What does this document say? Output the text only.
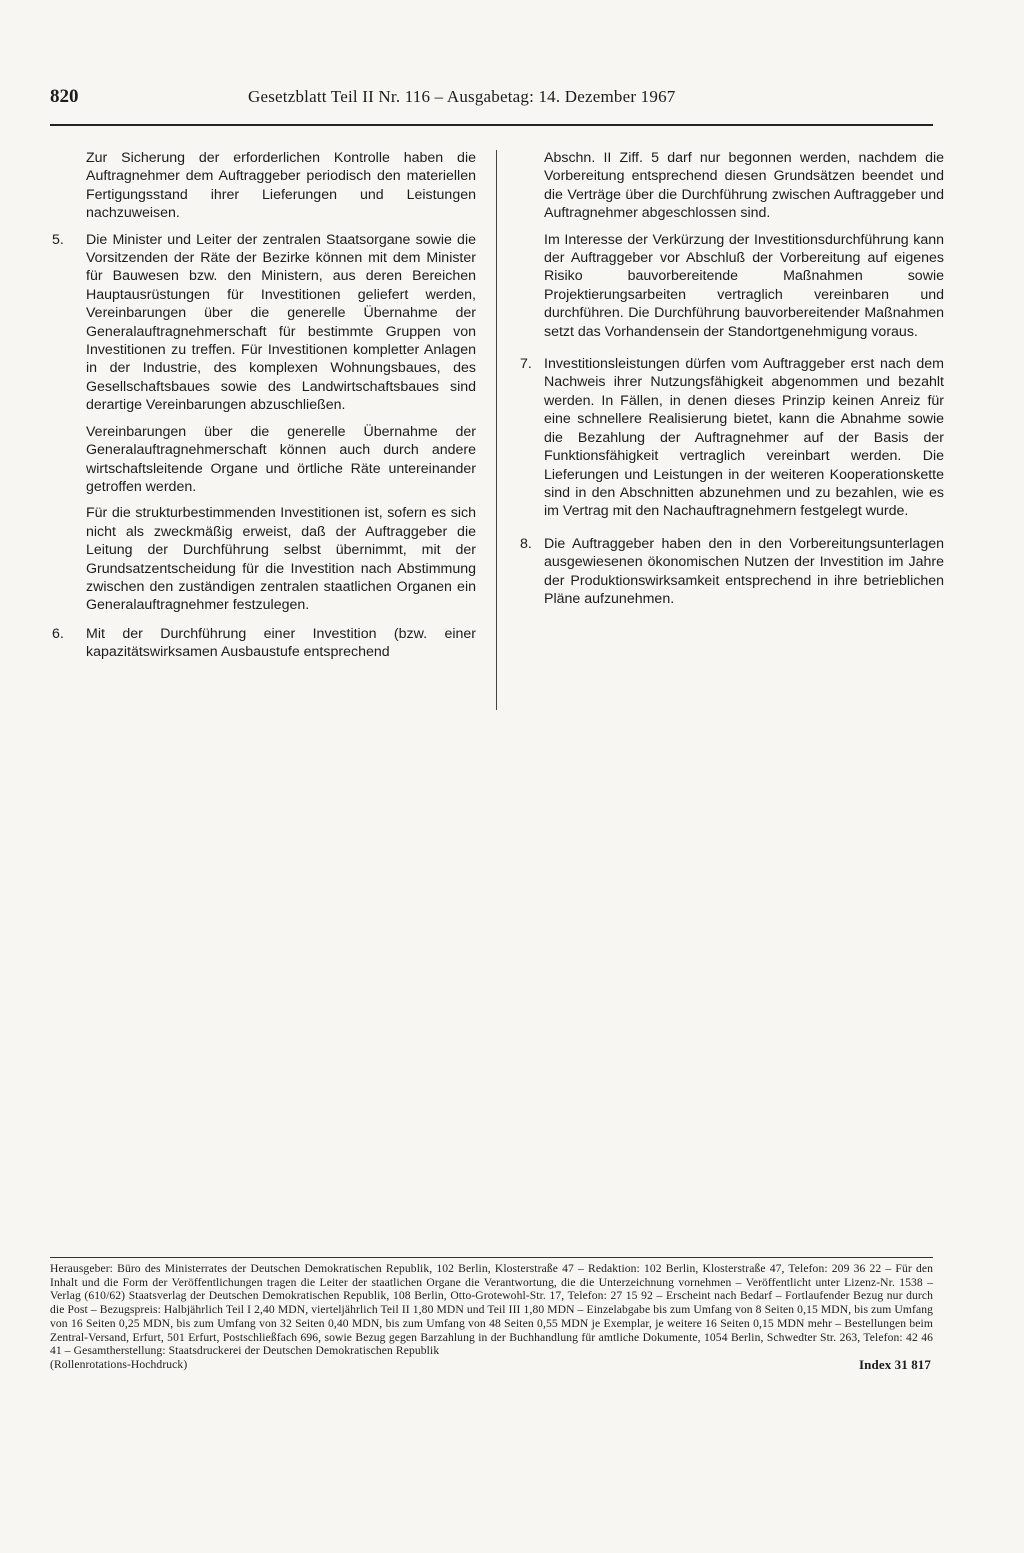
820	Gesetzblatt Teil II Nr. 116 – Ausgabetag: 14. Dezember 1967

Zur Sicherung der erforderlichen Kontrolle haben die Auftragnehmer dem Auftraggeber periodisch den materiellen Fertigungsstand ihrer Lieferungen und Leistungen nachzuweisen.

5. Die Minister und Leiter der zentralen Staatsorgane sowie die Vorsitzenden der Räte der Bezirke können mit dem Minister für Bauwesen bzw. den Ministern, aus deren Bereichen Hauptausrüstungen für Investitionen geliefert werden, Vereinbarungen über die generelle Übernahme der Generalauftragnehmerschaft für bestimmte Gruppen von Investitionen zu treffen. Für Investitionen kompletter Anlagen in der Industrie, des komplexen Wohnungsbaues, des Gesellschaftsbaues sowie des Landwirtschaftsbaues sind derartige Vereinbarungen abzuschließen.

Vereinbarungen über die generelle Übernahme der Generalauftragnehmerschaft können auch durch andere wirtschaftsleitende Organe und örtliche Räte untereinander getroffen werden.

Für die strukturbestimmenden Investitionen ist, sofern es sich nicht als zweckmäßig erweist, daß der Auftraggeber die Leitung der Durchführung selbst übernimmt, mit der Grundsatzentscheidung für die Investition nach Abstimmung zwischen den zuständigen zentralen staatlichen Organen ein Generalauftragnehmer festzulegen.

6. Mit der Durchführung einer Investition (bzw. einer kapazitätswirksamen Ausbaustufe entsprechend
Abschn. II Ziff. 5 darf nur begonnen werden, nachdem die Vorbereitung entsprechend diesen Grundsätzen beendet und die Verträge über die Durchführung zwischen Auftraggeber und Auftragnehmer abgeschlossen sind.

Im Interesse der Verkürzung der Investitionsdurchführung kann der Auftraggeber vor Abschluß der Vorbereitung auf eigenes Risiko bauvorbereitende Maßnahmen sowie Projektierungsarbeiten vertraglich vereinbaren und durchführen. Die Durchführung bauvorbereitender Maßnahmen setzt das Vorhandensein der Standortgenehmigung voraus.

7. Investitionsleistungen dürfen vom Auftraggeber erst nach dem Nachweis ihrer Nutzungsfähigkeit abgenommen und bezahlt werden. In Fällen, in denen dieses Prinzip keinen Anreiz für eine schnellere Realisierung bietet, kann die Abnahme sowie die Bezahlung der Auftragnehmer auf der Basis der Funktionsfähigkeit vertraglich vereinbart werden. Die Lieferungen und Leistungen in der weiteren Kooperationskette sind in den Abschnitten abzunehmen und zu bezahlen, wie es im Vertrag mit den Nachauftragnehmern festgelegt wurde.
8. Die Auftraggeber haben den in den Vorbereitungsunterlagen ausgewiesenen ökonomischen Nutzen der Investition im Jahre der Produktionswirksamkeit entsprechend in ihre betrieblichen Pläne aufzunehmen.
Herausgeber: Büro des Ministerrates der Deutschen Demokratischen Republik, 102 Berlin, Klosterstraße 47 – Redaktion: 102 Berlin, Klosterstraße 47, Telefon: 209 36 22 – Für den Inhalt und die Form der Veröffentlichungen tragen die Leiter der staatlichen Organe die Verantwortung, die die Unterzeichnung vornehmen – Veröffentlicht unter Lizenz-Nr. 1538 – Verlag (610/62) Staatsverlag der Deutschen Demokratischen Republik, 108 Berlin, Otto-Grotewohl-Str. 17, Telefon: 27 15 92 – Erscheint nach Bedarf – Fortlaufender Bezug nur durch die Post – Bezugspreis: Halbjährlich Teil I 2,40 MDN, vierteljährlich Teil II 1,80 MDN und Teil III 1,80 MDN – Einzelabgabe bis zum Umfang von 8 Seiten 0,15 MDN, bis zum Umfang von 16 Seiten 0,25 MDN, bis zum Umfang von 32 Seiten 0,40 MDN, bis zum Umfang von 48 Seiten 0,55 MDN je Exemplar, je weitere 16 Seiten 0,15 MDN mehr – Bestellungen beim Zentral-Versand, Erfurt, 501 Erfurt, Postschließfach 696, sowie Bezug gegen Barzahlung in der Buchhandlung für amtliche Dokumente, 1054 Berlin, Schwedter Str. 263, Telefon: 42 46 41 – Gesamtherstellung: Staatsdruckerei der Deutschen Demokratischen Republik
(Rollenrotations-Hochdruck)	Index 31 817
